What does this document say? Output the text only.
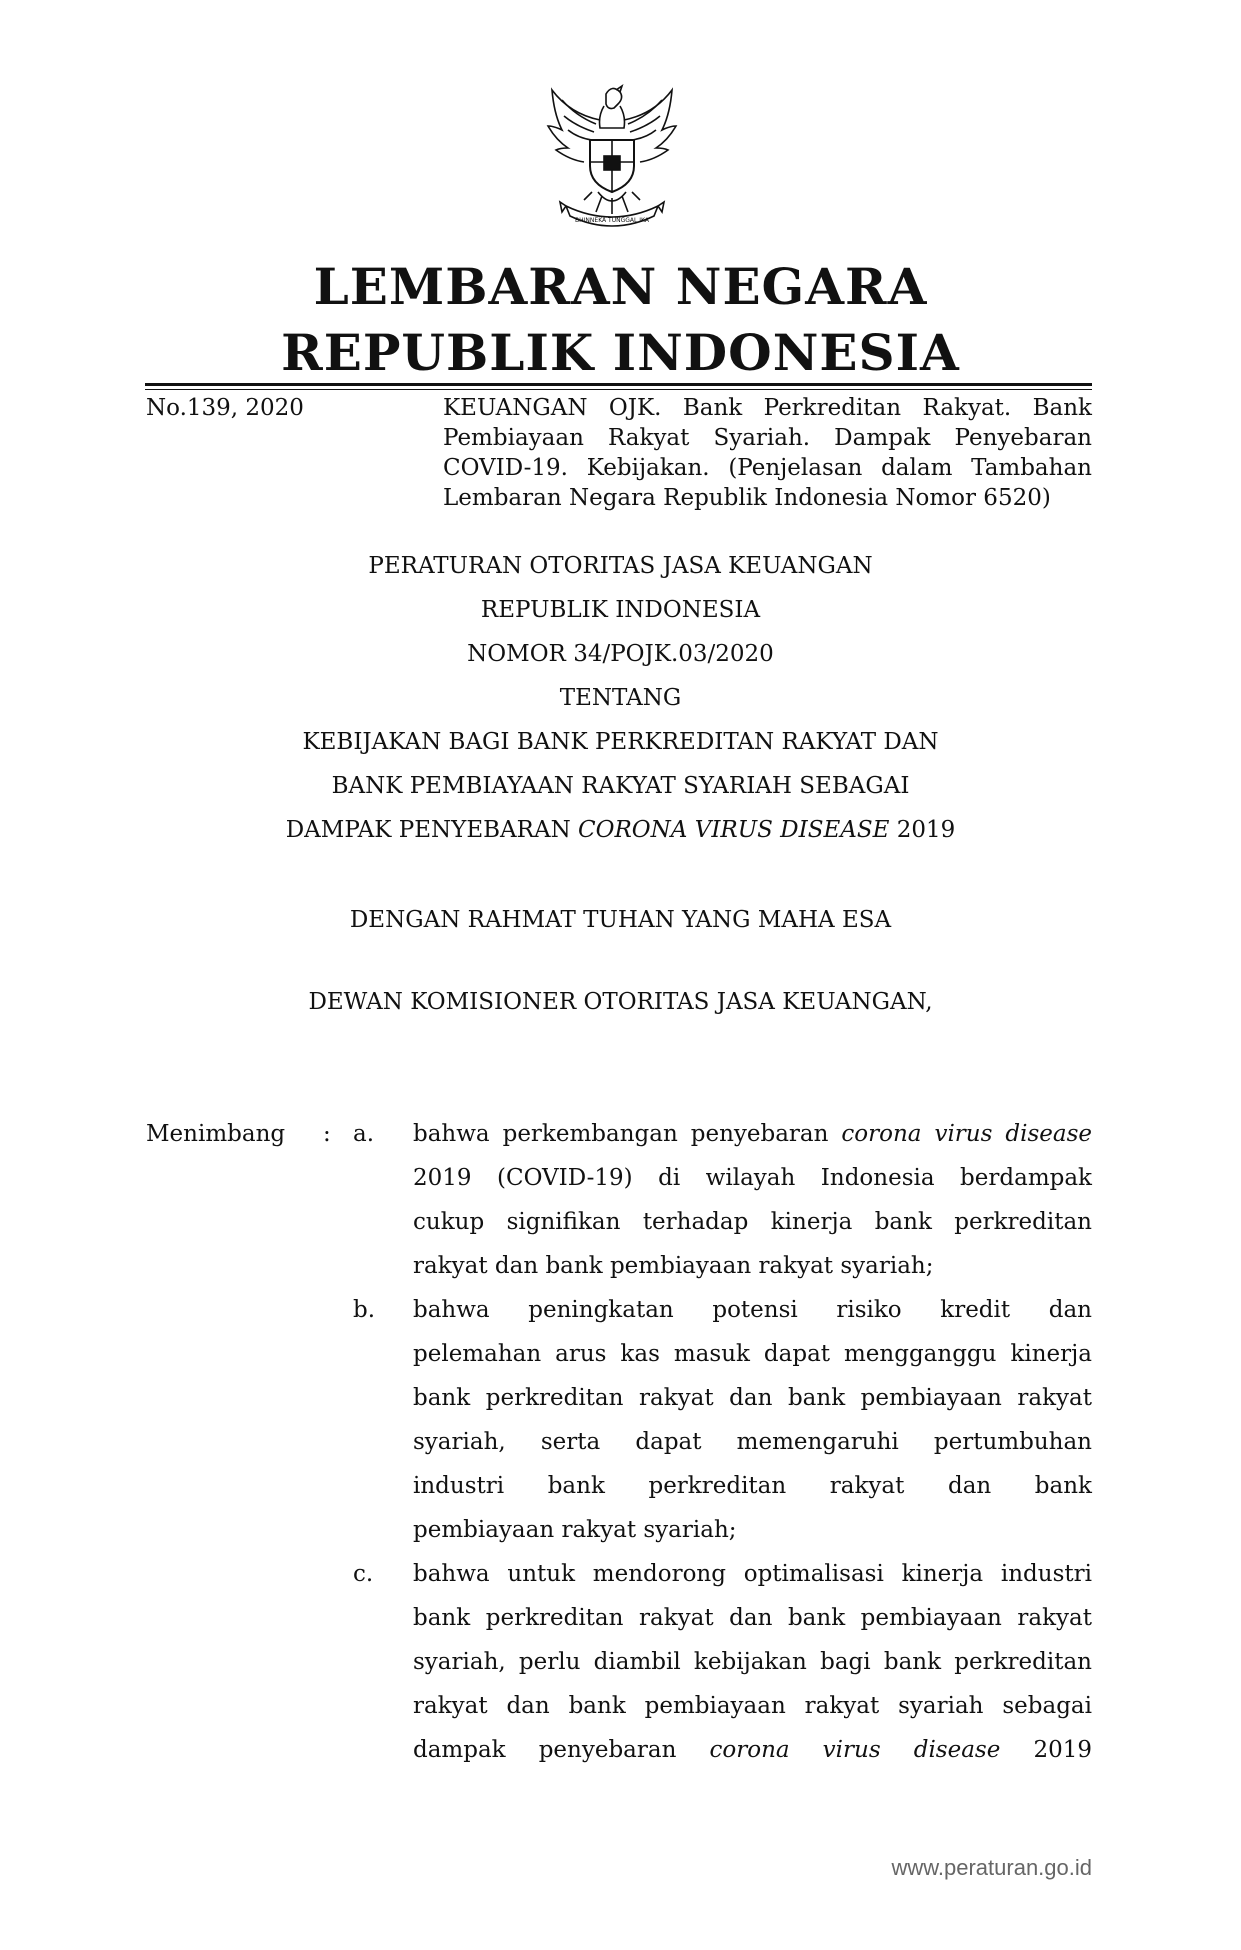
BHINNEKA TUNGGAL IKA
LEMBARAN NEGARA
REPUBLIK INDONESIA
No.139, 2020	KEUANGAN OJK. Bank Perkreditan Rakyat. Bank
Pembiayaan Rakyat Syariah. Dampak Penyebaran
COVID-19. Kebijakan. (Penjelasan dalam Tambahan
Lembaran Negara Republik Indonesia Nomor 6520)
PERATURAN OTORITAS JASA KEUANGAN
REPUBLIK INDONESIA
NOMOR 34/POJK.03/2020
TENTANG
KEBIJAKAN BAGI BANK PERKREDITAN RAKYAT DAN
BANK PEMBIAYAAN RAKYAT SYARIAH SEBAGAI
DAMPAK PENYEBARAN CORONA VIRUS DISEASE 2019
DENGAN RAHMAT TUHAN YANG MAHA ESA
DEWAN KOMISIONER OTORITAS JASA KEUANGAN,
Menimbang : a.	bahwa perkembangan penyebaran corona virus disease
2019 (COVID-19) di wilayah Indonesia berdampak
cukup signifikan terhadap kinerja bank perkreditan
rakyat dan bank pembiayaan rakyat syariah;
b.	bahwa peningkatan potensi risiko kredit dan
pelemahan arus kas masuk dapat mengganggu kinerja
bank perkreditan rakyat dan bank pembiayaan rakyat
syariah, serta dapat memengaruhi pertumbuhan
industri bank perkreditan rakyat dan bank
pembiayaan rakyat syariah;
c.	bahwa untuk mendorong optimalisasi kinerja industri
bank perkreditan rakyat dan bank pembiayaan rakyat
syariah, perlu diambil kebijakan bagi bank perkreditan
rakyat dan bank pembiayaan rakyat syariah sebagai
dampak penyebaran corona virus disease 2019
www.peraturan.go.id
